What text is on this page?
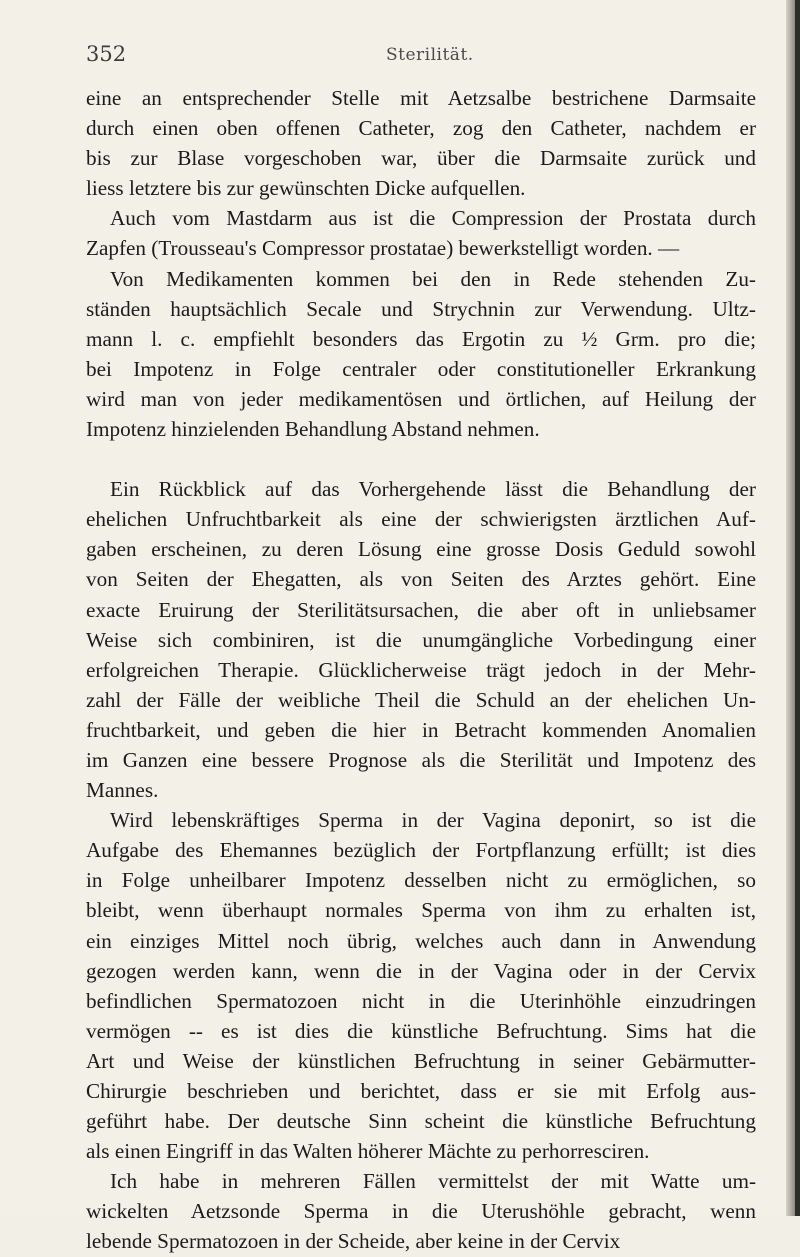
352	Sterilität.
eine an entsprechender Stelle mit Aetzsalbe bestrichene Darmsaite
durch einen oben offenen Catheter, zog den Catheter, nachdem er
bis zur Blase vorgeschoben war, über die Darmsaite zurück und
liess letztere bis zur gewünschten Dicke aufquellen.
Auch vom Mastdarm aus ist die Compression der Prostata durch
Zapfen (Trousseau's Compressor prostatae) bewerkstelligt worden. —
Von Medikamenten kommen bei den in Rede stehenden Zu-
ständen hauptsächlich Secale und Strychnin zur Verwendung. Ultz-
mann l. c. empfiehlt besonders das Ergotin zu ½ Grm. pro die;
bei Impotenz in Folge centraler oder constitutioneller Erkrankung
wird man von jeder medikamentösen und örtlichen, auf Heilung der
Impotenz hinzielenden Behandlung Abstand nehmen.
Ein Rückblick auf das Vorhergehende lässt die Behandlung der
ehelichen Unfruchtbarkeit als eine der schwierigsten ärztlichen Auf-
gaben erscheinen, zu deren Lösung eine grosse Dosis Geduld sowohl
von Seiten der Ehegatten, als von Seiten des Arztes gehört. Eine
exacte Eruirung der Sterilitätsursachen, die aber oft in unliebsamer
Weise sich combiniren, ist die unumgängliche Vorbedingung einer
erfolgreichen Therapie. Glücklicherweise trägt jedoch in der Mehr-
zahl der Fälle der weibliche Theil die Schuld an der ehelichen Un-
fruchtbarkeit, und geben die hier in Betracht kommenden Anomalien
im Ganzen eine bessere Prognose als die Sterilität und Impotenz des
Mannes.
Wird lebenskräftiges Sperma in der Vagina deponirt, so ist die
Aufgabe des Ehemannes bezüglich der Fortpflanzung erfüllt; ist dies
in Folge unheilbarer Impotenz desselben nicht zu ermöglichen, so
bleibt, wenn überhaupt normales Sperma von ihm zu erhalten ist,
ein einziges Mittel noch übrig, welches auch dann in Anwendung
gezogen werden kann, wenn die in der Vagina oder in der Cervix
befindlichen Spermatozoen nicht in die Uterinhöhle einzudringen
vermögen -- es ist dies die künstliche Befruchtung. Sims hat die
Art und Weise der künstlichen Befruchtung in seiner Gebärmutter-
Chirurgie beschrieben und berichtet, dass er sie mit Erfolg aus-
geführt habe. Der deutsche Sinn scheint die künstliche Befruchtung
als einen Eingriff in das Walten höherer Mächte zu perhorresciren.
Ich habe in mehreren Fällen vermittelst der mit Watte um-
wickelten Aetzsonde Sperma in die Uterushöhle gebracht, wenn
lebende Spermatozoen in der Scheide, aber keine in der Cervix
